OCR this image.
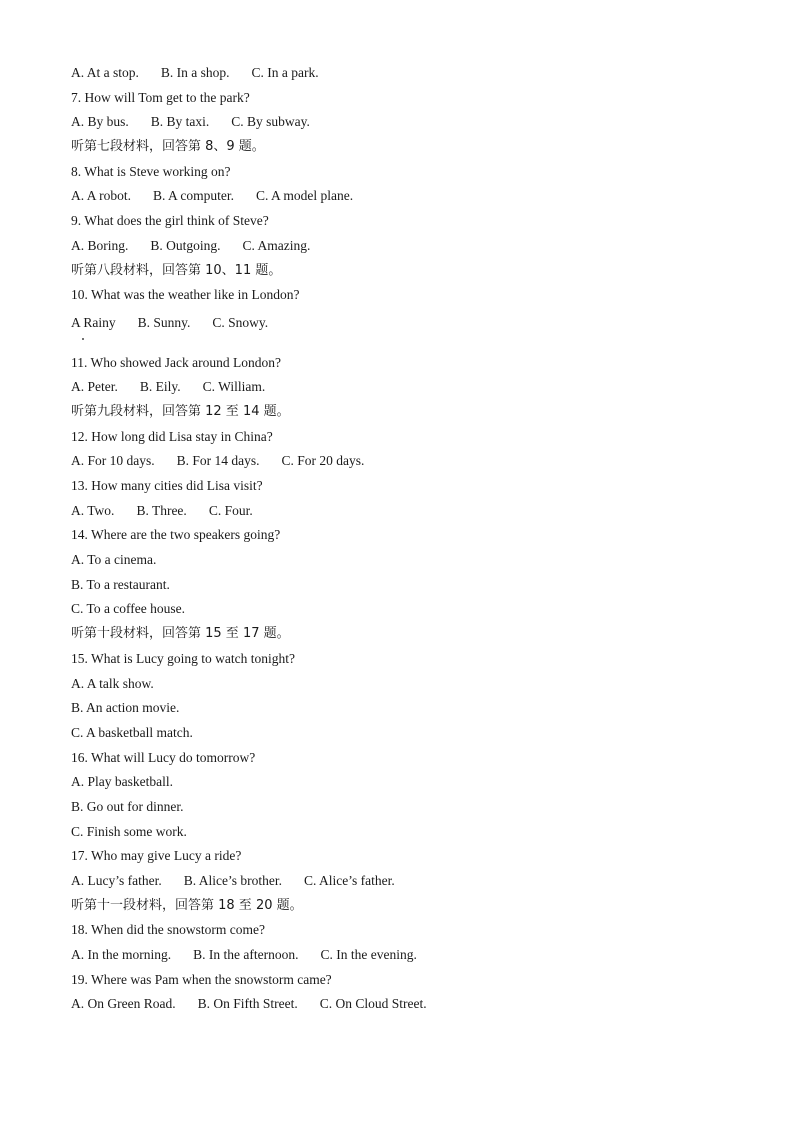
A. At a stop. B. In a shop. C. In a park.
7. How will Tom get to the park?
A. By bus. B. By taxi. C. By subway.
听第七段材料，回答第 8、9 题。
8. What is Steve working on?
A. A robot. B. A computer. C. A model plane.
9. What does the girl think of Steve?
A. Boring. B. Outgoing. C. Amazing.
听第八段材料，回答第 10、11 题。
10. What was the weather like in London?
A Rainy B. Sunny. C. Snowy.
11. Who showed Jack around London?
A. Peter. B. Eily. C. William.
听第九段材料，回答第 12 至 14 题。
12. How long did Lisa stay in China?
A. For 10 days. B. For 14 days. C. For 20 days.
13. How many cities did Lisa visit?
A. Two. B. Three. C. Four.
14. Where are the two speakers going?
A. To a cinema.
B. To a restaurant.
C. To a coffee house.
听第十段材料，回答第 15 至 17 题。
15. What is Lucy going to watch tonight?
A. A talk show.
B. An action movie.
C. A basketball match.
16. What will Lucy do tomorrow?
A. Play basketball.
B. Go out for dinner.
C. Finish some work.
17. Who may give Lucy a ride?
A. Lucy’s father. B. Alice’s brother. C. Alice’s father.
听第十一段材料，回答第 18 至 20 题。
18. When did the snowstorm come?
A. In the morning. B. In the afternoon. C. In the evening.
19. Where was Pam when the snowstorm came?
A. On Green Road. B. On Fifth Street. C. On Cloud Street.
